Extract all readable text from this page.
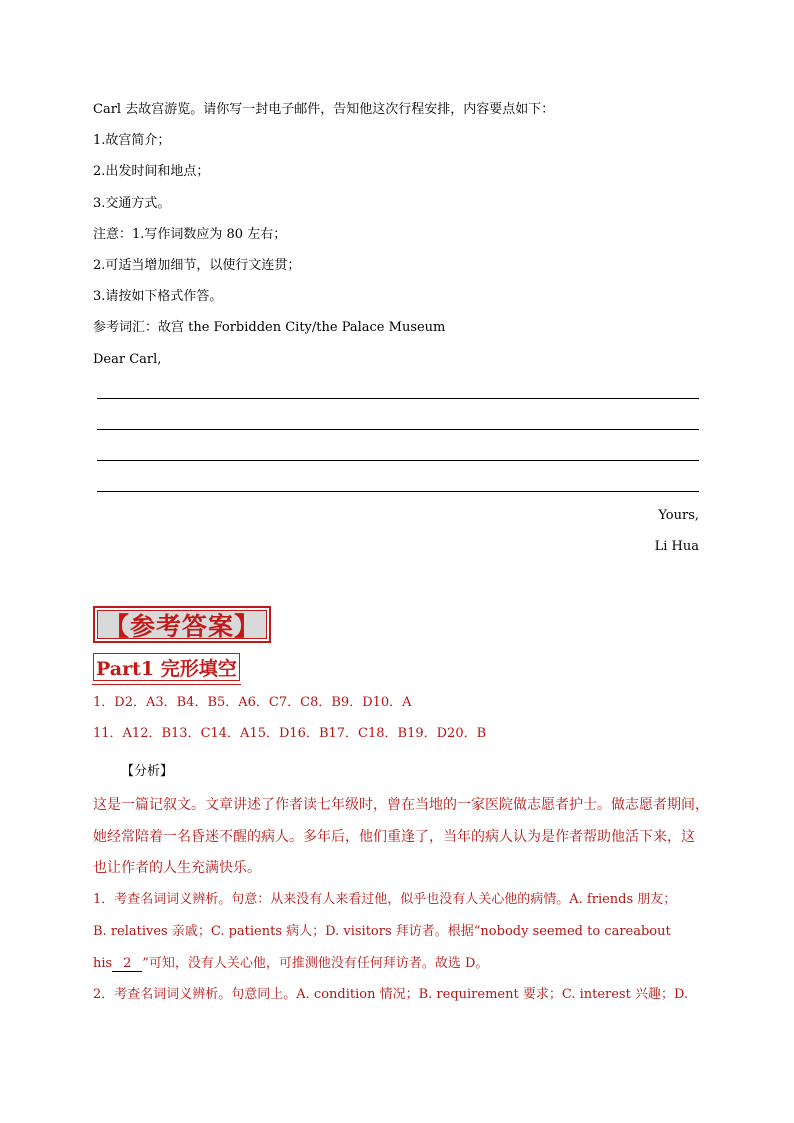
Carl 去故宫游览。请你写一封电子邮件，告知他这次行程安排，内容要点如下：
1.故宫简介；
2.出发时间和地点；
3.交通方式。
注意：1.写作词数应为 80 左右；
2.可适当增加细节，以使行文连贯；
3.请按如下格式作答。
参考词汇：故宫 the Forbidden City/the Palace Museum
Dear Carl,
Yours,
Li Hua
【参考答案】
Part1 完形填空
1．D2．A3．B4．B5．A6．C7．C8．B9．D10．A
11．A12．B13．C14．A15．D16．B17．C18．B19．D20．B
【分析】
这是一篇记叙文。文章讲述了作者读七年级时，曾在当地的一家医院做志愿者护士。做志愿者期间，
她经常陪着一名昏迷不醒的病人。多年后，他们重逢了，当年的病人认为是作者帮助他活下来，这
也让作者的人生充满快乐。
1．考查名词词义辨析。句意：从来没有人来看过他，似乎也没有人关心他的病情。A. friends 朋友；
B. relatives 亲戚；C. patients 病人；D. visitors 拜访者。根据“nobody seemed to careabout
his 2 ”可知，没有人关心他，可推测他没有任何拜访者。故选 D。
2．考查名词词义辨析。句意同上。A. condition 情况；B. requirement 要求；C. interest 兴趣；D.
